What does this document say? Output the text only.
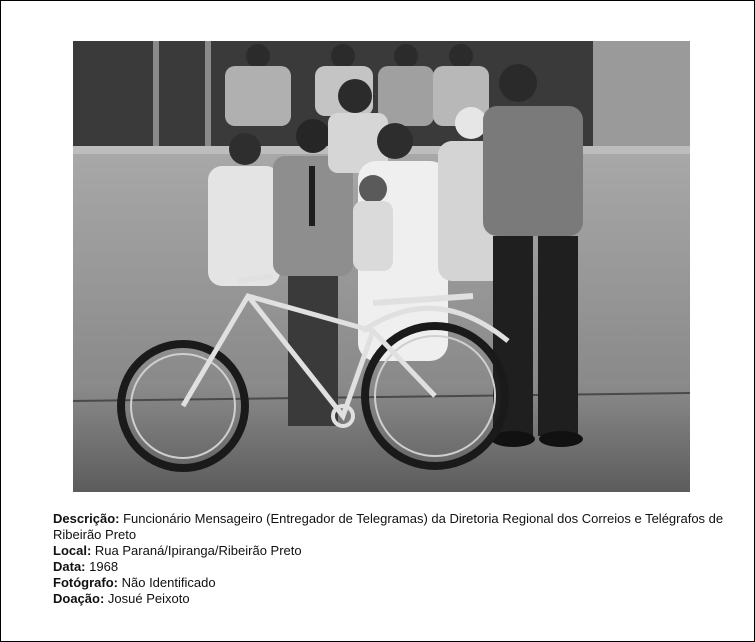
Descrição: Funcionário Mensageiro (Entregador de Telegramas) da Diretoria Regional dos Correios e Telégrafos de Ribeirão Preto

Local: Rua Paraná/Ipiranga/Ribeirão Preto

Data: 1968

Fotógrafo: Não Identificado

Doação: Josué Peixoto
